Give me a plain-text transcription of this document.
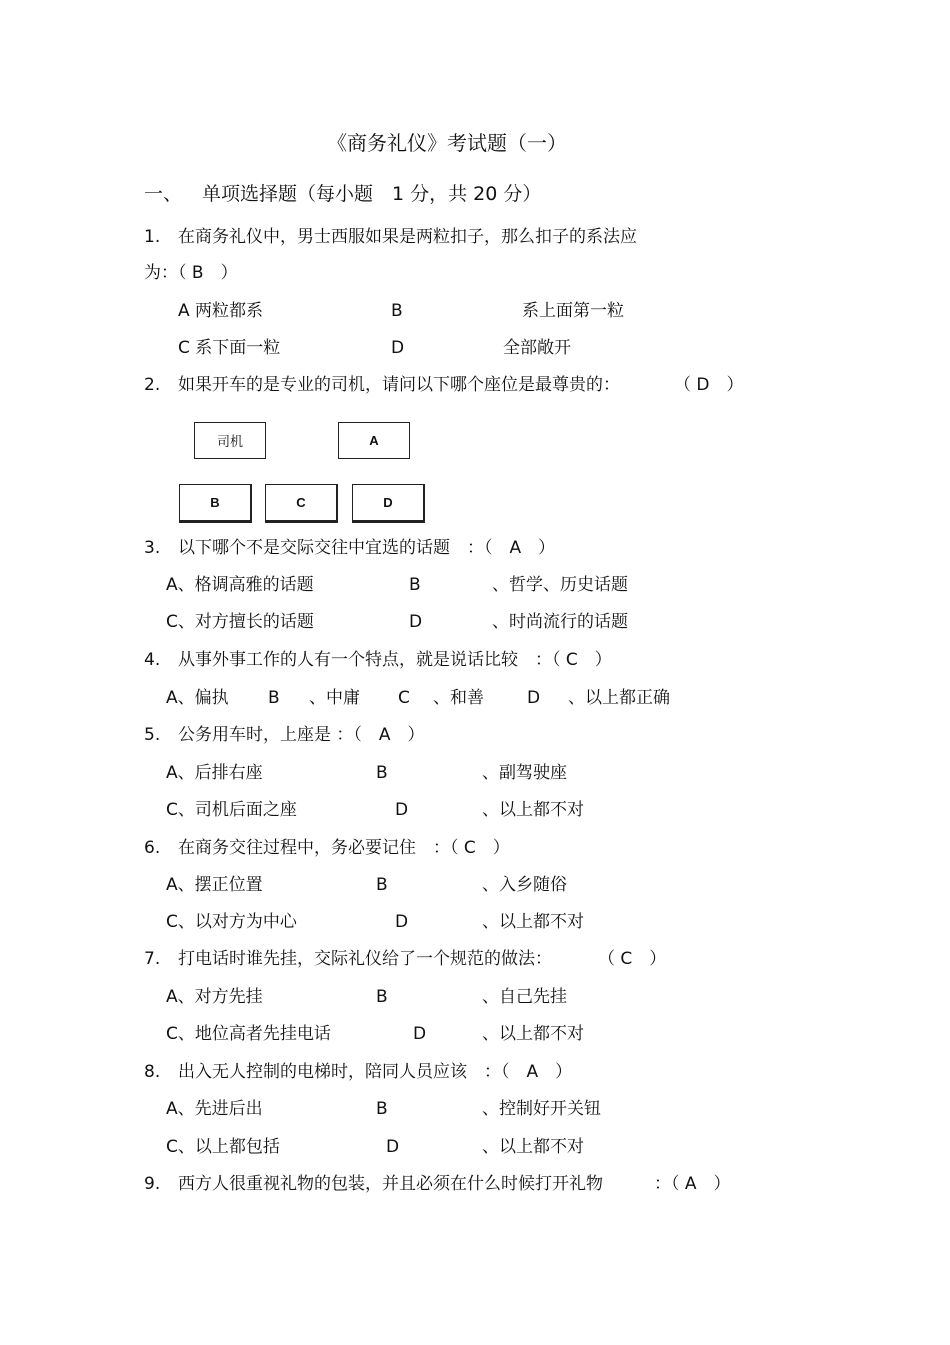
《商务礼仪》考试题（一）
一、 单项选择题（每小题　1 分，共 20 分）
1. 在商务礼仪中，男士西服如果是两粒扣子，那么扣子的系法应
为：（ B　）
A 两粒都系	B	系上面第一粒
C 系下面一粒	D	全部敞开
2. 如果开车的是专业的司机，请问以下哪个座位是最尊贵的：	（ D　）
司机	A
B	C	D
3. 以下哪个不是交际交往中宜选的话题　：（　A　）
A、格调高雅的话题	B	、哲学、历史话题
C、对方擅长的话题	D	、时尚流行的话题
4. 从事外事工作的人有一个特点，就是说话比较　：（ C　）
A、偏执 B 、中庸 C 、和善	D 、以上都正确
5. 公务用车时，上座是 ：（　A　）
A、后排右座	B	、副驾驶座
C、司机后面之座	D	、以上都不对
6. 在商务交往过程中，务必要记住　：（ C　）
A、摆正位置	B	、入乡随俗
C、以对方为中心	D	、以上都不对
7. 打电话时谁先挂，交际礼仪给了一个规范的做法：	（ C　）
A、对方先挂	B	、自己先挂
C、地位高者先挂电话	D	、以上都不对
8. 出入无人控制的电梯时，陪同人员应该　：（　A　）
A、先进后出	B	、控制好开关钮
C、以上都包括	D	、以上都不对
9. 西方人很重视礼物的包装，并且必须在什么时候打开礼物	：（ A　）
